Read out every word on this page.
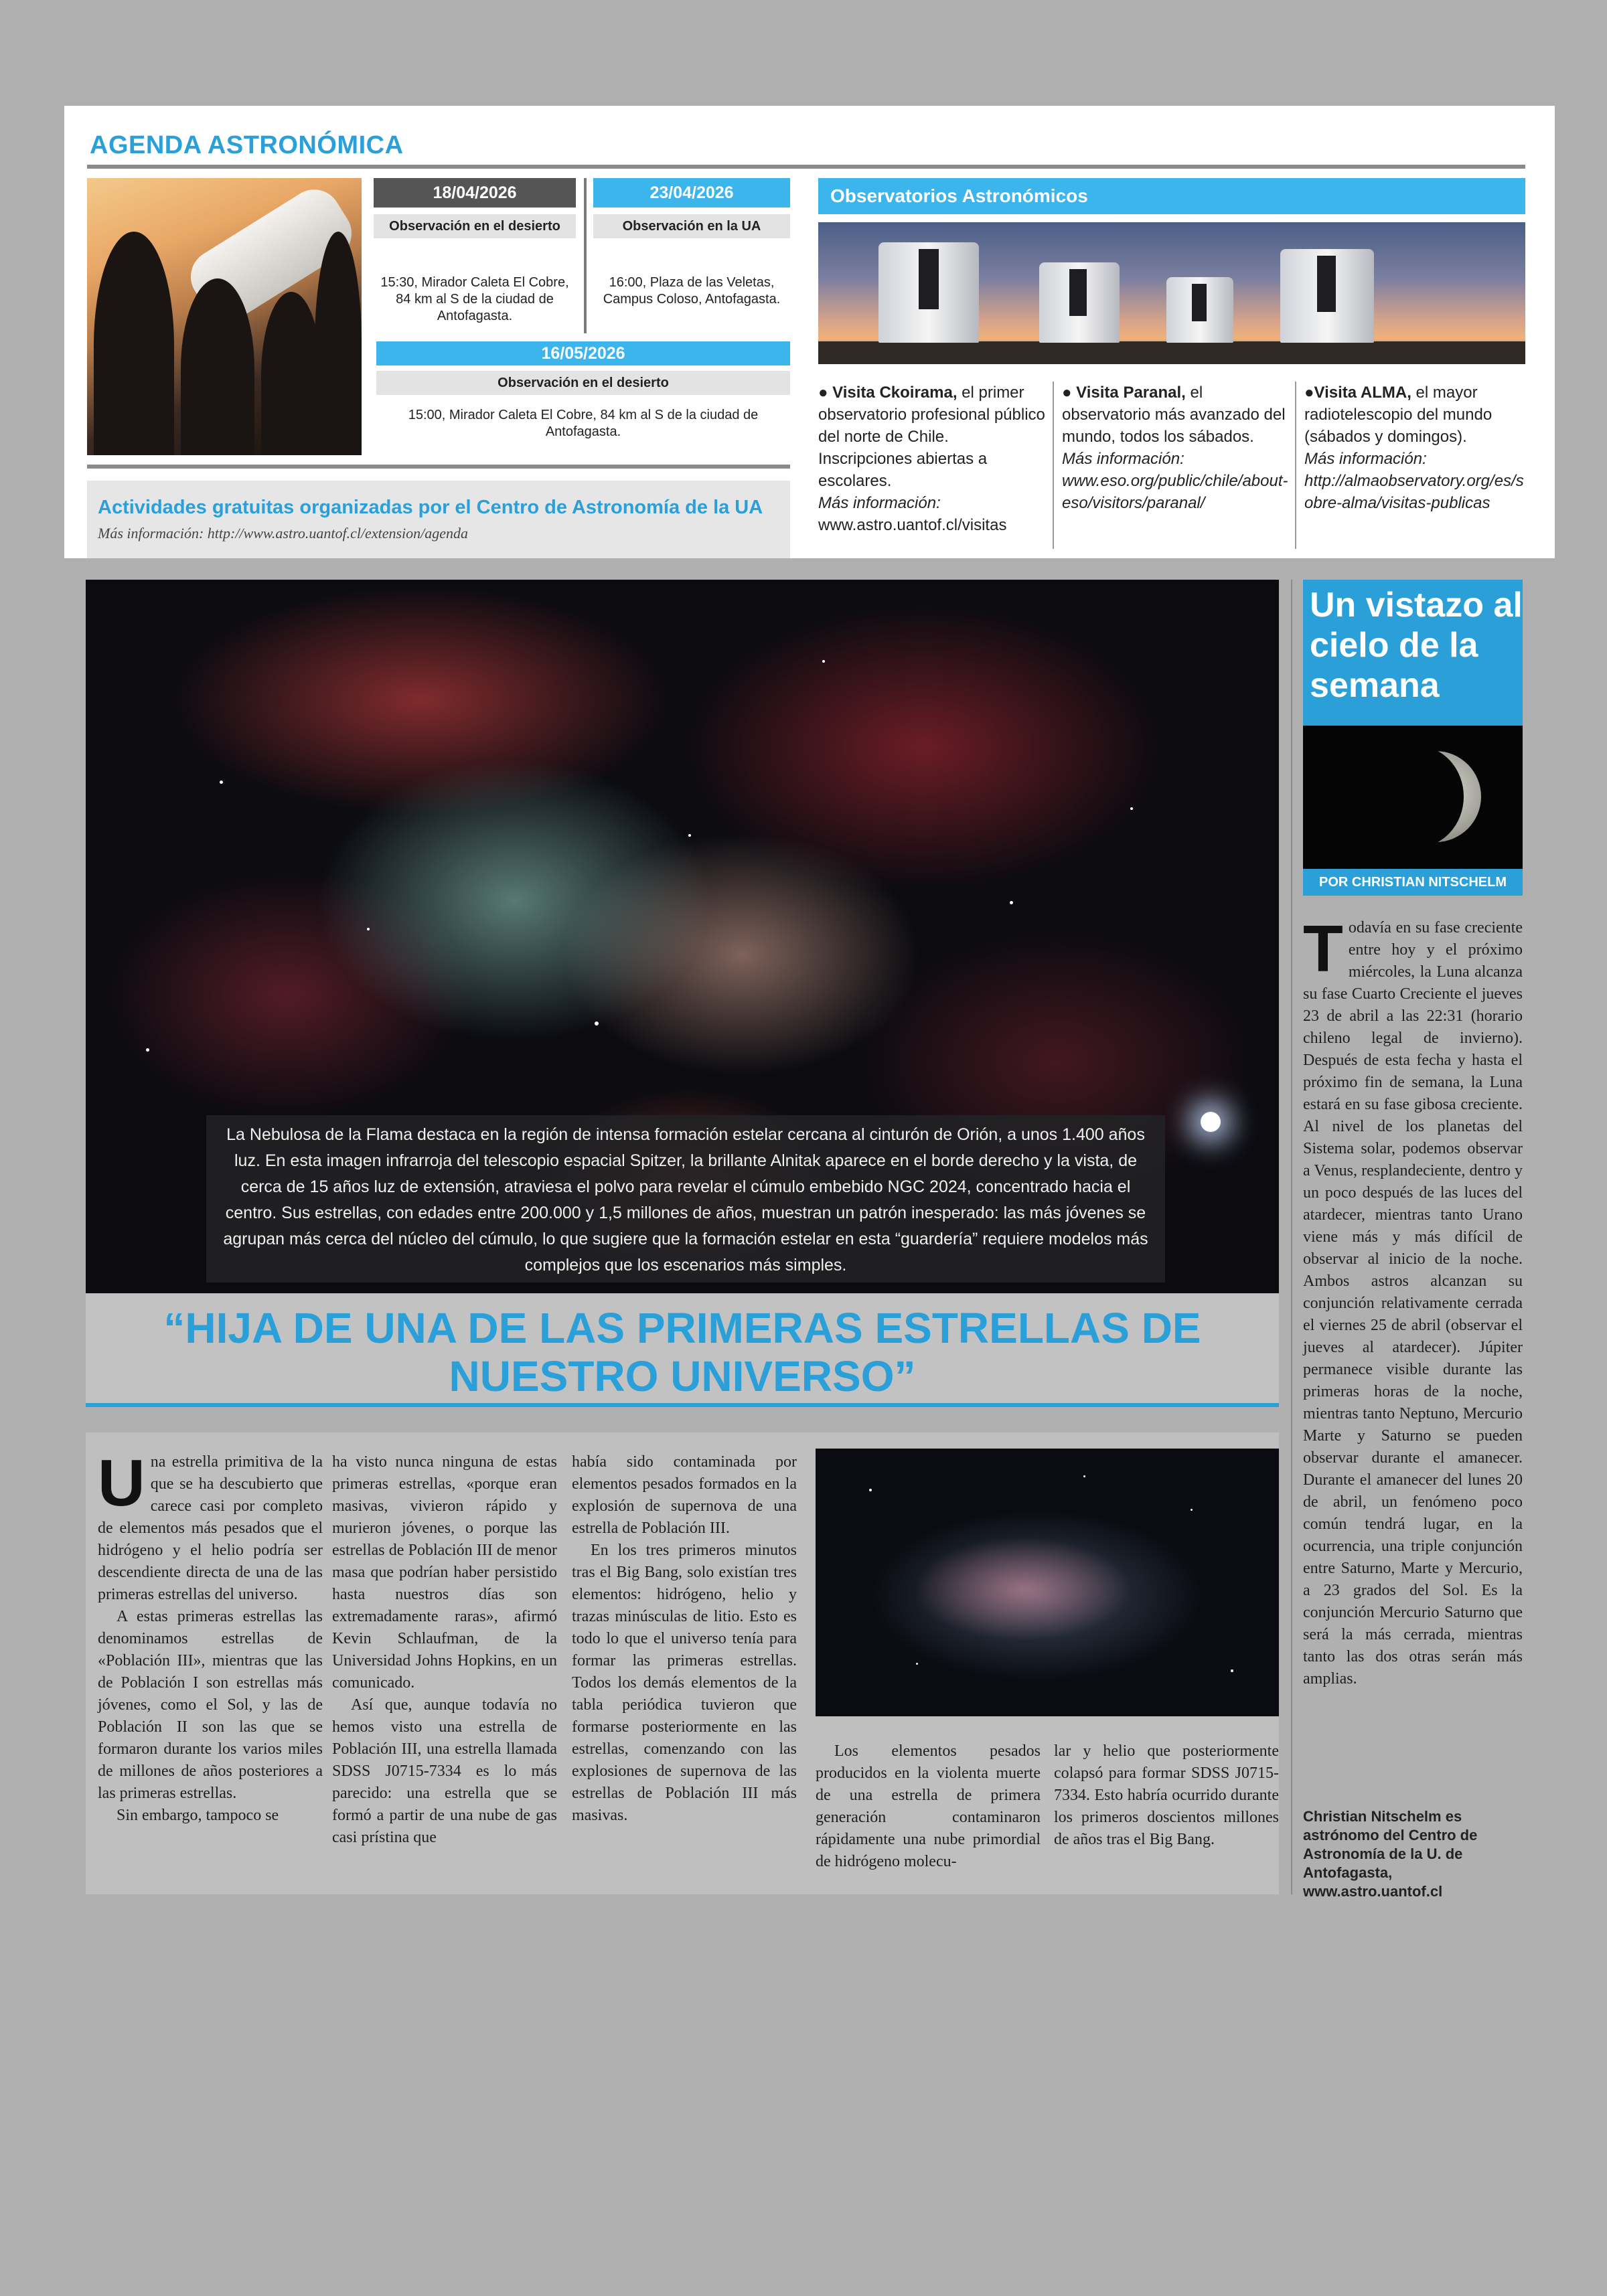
AGENDA ASTRONÓMICA
18/04/2026
Observación en el desierto
15:30, Mirador Caleta El Cobre, 84 km al S de la ciudad de Antofagasta.
23/04/2026
Observación en la UA
16:00, Plaza de las Veletas, Campus Coloso, Antofagasta.
16/05/2026
Observación en el desierto
15:00, Mirador Caleta El Cobre, 84 km al S de la ciudad de Antofagasta.
Actividades gratuitas organizadas por el Centro de Astronomía de la UA
Más información: http://www.astro.uantof.cl/extension/agenda
Observatorios Astronómicos
● Visita Ckoirama, el primer observatorio profesional público del norte de Chile. Inscripciones abiertas a escolares.
Más información:
www.astro.uantof.cl/visitas
● Visita Paranal, el observatorio más avanzado del mundo, todos los sábados.
Más información:
www.eso.org/public/chile/about-eso/visitors/paranal/
●Visita ALMA, el mayor radiotelescopio del mundo (sábados y domingos).
Más información:
http://almaobservatory.org/es/sobre-alma/visitas-publicas
La Nebulosa de la Flama destaca en la región de intensa formación estelar cercana al cinturón de Orión, a unos 1.400 años luz. En esta imagen infrarroja del telescopio espacial Spitzer, la brillante Alnitak aparece en el borde derecho y la vista, de cerca de 15 años luz de extensión, atraviesa el polvo para revelar el cúmulo embebido NGC 2024, concentrado hacia el centro. Sus estrellas, con edades entre 200.000 y 1,5 millones de años, muestran un patrón inesperado: las más jóvenes se agrupan más cerca del núcleo del cúmulo, lo que sugiere que la formación estelar en esta “guardería” requiere modelos más complejos que los escenarios más simples.
“HIJA DE UNA DE LAS PRIMERAS ESTRELLAS DE NUESTRO UNIVERSO”

Una estrella primitiva de la que se ha descubierto que carece casi por completo de elementos más pesados que el hidrógeno y el helio podría ser descendiente directa de una de las primeras estrellas del universo.

A estas primeras estrellas las denominamos estrellas de «Población III», mientras que las de Población I son estrellas más jóvenes, como el Sol, y las de Población II son las que se formaron durante los varios miles de millones de años posteriores a las primeras estrellas.

Sin embargo, tampoco se

ha visto nunca ninguna de estas primeras estrellas, «porque eran masivas, vivieron rápido y murieron jóvenes, o porque las estrellas de Población III de menor masa que podrían haber persistido hasta nuestros días son extremadamente raras», afirmó Kevin Schlaufman, de la Universidad Johns Hopkins, en un comunicado.

Así que, aunque todavía no hemos visto una estrella de Población III, una estrella llamada SDSS J0715-7334 es lo más parecido: una estrella que se formó a partir de una nube de gas casi prístina que

había sido contaminada por elementos pesados formados en la explosión de supernova de una estrella de Población III.

En los tres primeros minutos tras el Big Bang, solo existían tres elementos: hidrógeno, helio y trazas minúsculas de litio. Esto es todo lo que el universo tenía para formar las primeras estrellas. Todos los demás elementos de la tabla periódica tuvieron que formarse posteriormente en las estrellas, comenzando con las explosiones de supernova de las estrellas de Población III más masivas.

Los elementos pesados producidos en la violenta muerte de una estrella de primera generación contaminaron rápidamente una nube primordial de hidrógeno molecu-

lar y helio que posteriormente colapsó para formar SDSS J0715-7334. Esto habría ocurrido durante los primeros doscientos millones de años tras el Big Bang.

Un vistazo al cielo de la semana
POR CHRISTIAN NITSCHELM

Todavía en su fase creciente entre hoy y el próximo miércoles, la Luna alcanza su fase Cuarto Creciente el jueves 23 de abril a las 22:31 (horario chileno legal de invierno). Después de esta fecha y hasta el próximo fin de semana, la Luna estará en su fase gibosa creciente. Al nivel de los planetas del Sistema solar, podemos observar a Venus, resplandeciente, dentro y un poco después de las luces del atardecer, mientras tanto Urano viene más y más difícil de observar al inicio de la noche. Ambos astros alcanzan su conjunción relativamente cerrada el viernes 25 de abril (observar el jueves al atardecer). Júpiter permanece visible durante las primeras horas de la noche, mientras tanto Neptuno, Mercurio Marte y Saturno se pueden observar durante el amanecer. Durante el amanecer del lunes 20 de abril, un fenómeno poco común tendrá lugar, en la ocurrencia, una triple conjunción entre Saturno, Marte y Mercurio, a 23 grados del Sol. Es la conjunción Mercurio Saturno que será la más cerrada, mientras tanto las dos otras serán más amplias.

Christian Nitschelm es astrónomo del Centro de Astronomía de la U. de Antofagasta, www.astro.uantof.cl
